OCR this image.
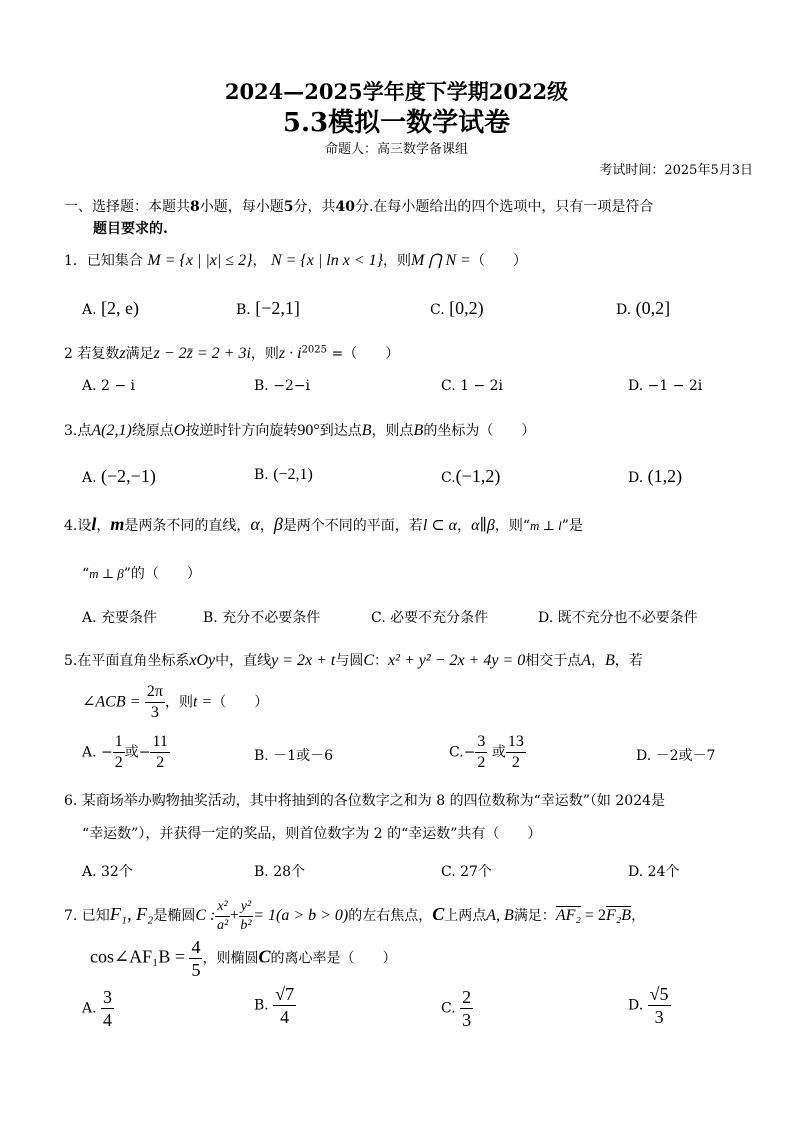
2024—2025学年度下学期2022级
5.3模拟一数学试卷
命题人：高三数学备课组
考试时间：2025年5月3日
一、选择题：本题共8小题，每小题5分，共40分.在每小题给出的四个选项中，只有一项是符合
题目要求的.
1．已知集合 M = {x | |x| ≤ 2}， N = {x | ln x < 1}，则M ⋂ N =（　　）
A. [2, e)	B. [−2,1]	C. [0,2)	D. (0,2]
2 若复数z满足z − 2z̄ = 2 + 3i，则$z \cdot i^{2025}$ =（　　）
A. 2 − i	B. −2−i	C. 1 − 2i	D. −1 − 2i
3.点A(2,1)绕原点O按逆时针方向旋转90°到达点B，则点B的坐标为（　　）
A. (−2,−1)	B. (−2,1)	C.(−1,2)	D. (1,2)
4.设l，m是两条不同的直线，α，β是两个不同的平面，若l ⊂ α，α∥β，则“m ⊥ l”是
“m ⊥ β”的（　　）
A. 充要条件	B. 充分不必要条件	C. 必要不充分条件	D. 既不充分也不必要条件
5.在平面直角坐标系xOy中，直线y = 2x + t与圆C：x² + y² − 2x + 4y = 0相交于点A，B，若
∠ACB = $\frac{2\pi}{3}$ ，则t =（　　）
A. − $\frac{1}{2}$ 或− $\frac{11}{2}$	B. －1或－6	$C.- \frac{3}{2}$ 或 $\frac{13}{2}$	D. －2或－7
6. 某商场举办购物抽奖活动，其中将抽到的各位数字之和为 8 的四位数称为“幸运数”（如 2024是
“幸运数”），并获得一定的奖品，则首位数字为 2 的“幸运数”共有（　　）
A. 32个	B. 28个	C. 27个	D. 24个
7. 已知F₁, F₂是椭圆C : $\frac{\text{x²}}{\text{a²}} + \frac{\text{y²}}{\text{b²}} = 1(a > b > 0)$的左右焦点，C上两点A, B满足：AF₂ = 2F₂B，
cos∠AF₁B = $\frac{4}{5}$ ，则椭圆C的离心率是（　　）
A. $\frac{3}{4}$	B. $\frac{√7}{4}$	C. $\frac{2}{3}$	D. $\frac{√5}{3}$
